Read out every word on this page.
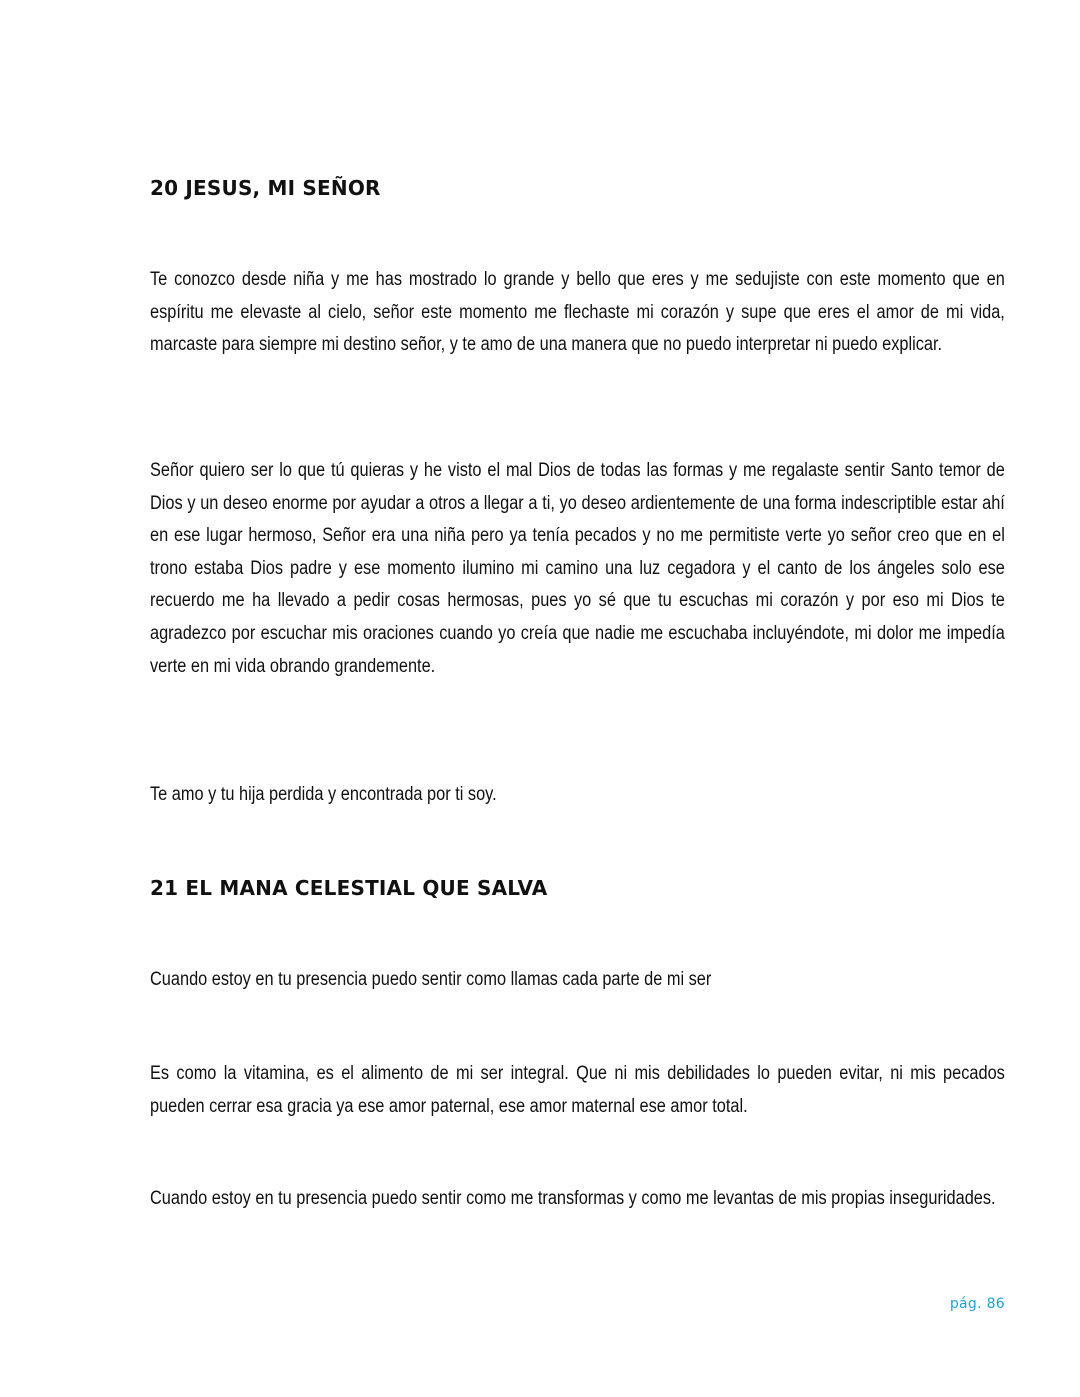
20 JESUS, MI SEÑOR

Te conozco desde niña y me has mostrado lo grande y bello que eres y me sedujiste con este momento que en espíritu me elevaste al cielo, señor este momento me flechaste mi corazón y supe que eres el amor de mi vida, marcaste para siempre mi destino señor, y te amo de una manera que no puedo interpretar ni puedo explicar.

Señor quiero ser lo que tú quieras y he visto el mal Dios de todas las formas y me regalaste sentir Santo temor de Dios y un deseo enorme por ayudar a otros a llegar a ti, yo deseo ardientemente de una forma indescriptible estar ahí en ese lugar hermoso, Señor era una niña pero ya tenía pecados y no me permitiste verte yo señor creo que en el trono estaba Dios padre y ese momento ilumino mi camino una luz cegadora y el canto de los ángeles solo ese recuerdo me ha llevado a pedir cosas hermosas, pues yo sé que tu escuchas mi corazón y por eso mi Dios te agradezco por escuchar mis oraciones cuando yo creía que nadie me escuchaba incluyéndote, mi dolor me impedía verte en mi vida obrando grandemente.

Te amo y tu hija perdida y encontrada por ti soy.

21 EL MANA CELESTIAL QUE SALVA

Cuando estoy en tu presencia puedo sentir como llamas cada parte de mi ser

Es como la vitamina, es el alimento de mi ser integral. Que ni mis debilidades lo pueden evitar, ni mis pecados pueden cerrar esa gracia ya ese amor paternal, ese amor maternal ese amor total.

Cuando estoy en tu presencia puedo sentir como me transformas y como me levantas de mis propias inseguridades.

pág. 86
